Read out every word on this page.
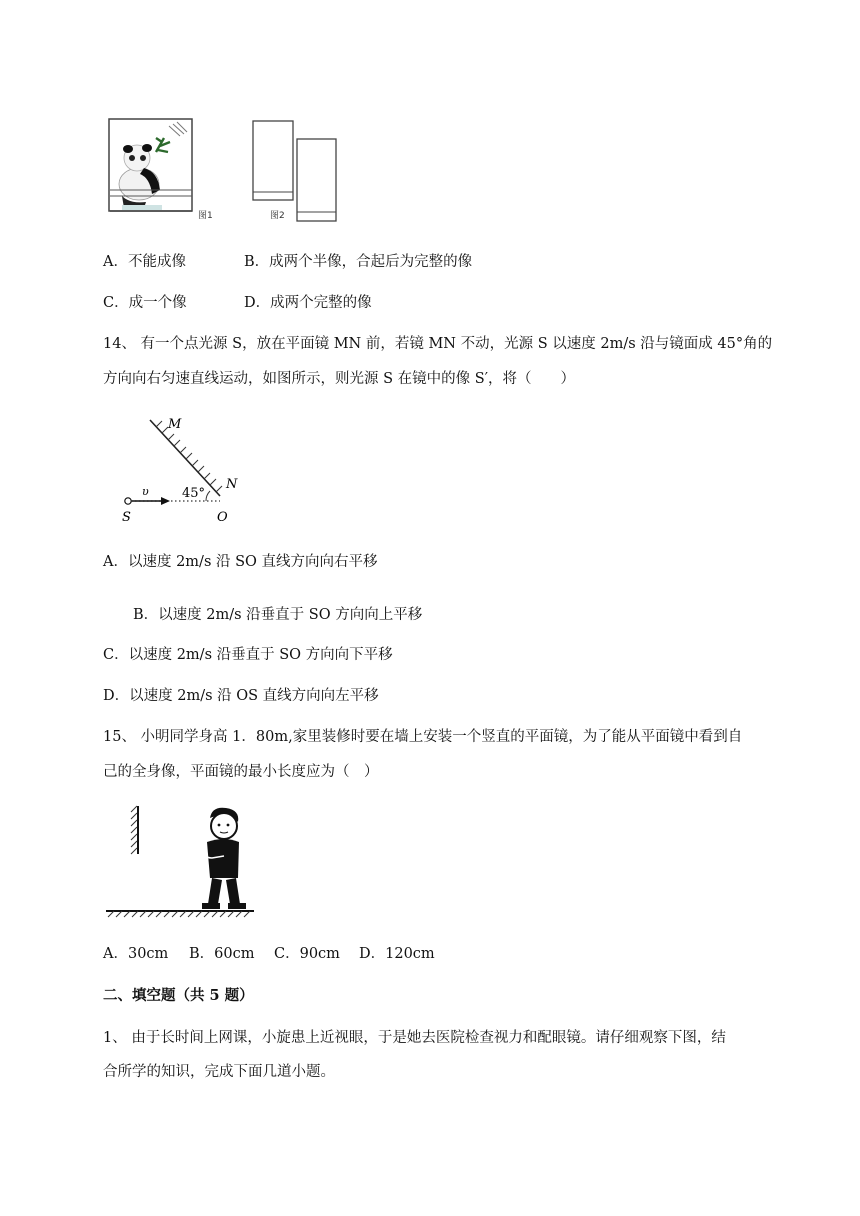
图1	图2
A．不能成像	B．成两个半像，合起后为完整的像
C．成一个像	D．成两个完整的像
14、 有一个点光源 S，放在平面镜 MN 前，若镜 MN 不动，光源 S 以速度 2m/s 沿与镜面成 45°角的
方向向右匀速直线运动，如图所示，则光源 S 在镜中的像 S′，将（　　）
υ	45°
M
N
S	O
A．以速度 2m/s 沿 SO 直线方向向右平移
B．以速度 2m/s 沿垂直于 SO 方向向上平移
C．以速度 2m/s 沿垂直于 SO 方向向下平移
D．以速度 2m/s 沿 OS 直线方向向左平移
15、 小明同学身高 1．80m,家里装修时要在墙上安装一个竖直的平面镜，为了能从平面镜中看到自
己的全身像，平面镜的最小长度应为（　）
A．30cm B．60cm C．90cm D．120cm
二、填空题（共 5 题）
1、 由于长时间上网课，小旋患上近视眼，于是她去医院检查视力和配眼镜。请仔细观察下图，结
合所学的知识，完成下面几道小题。
